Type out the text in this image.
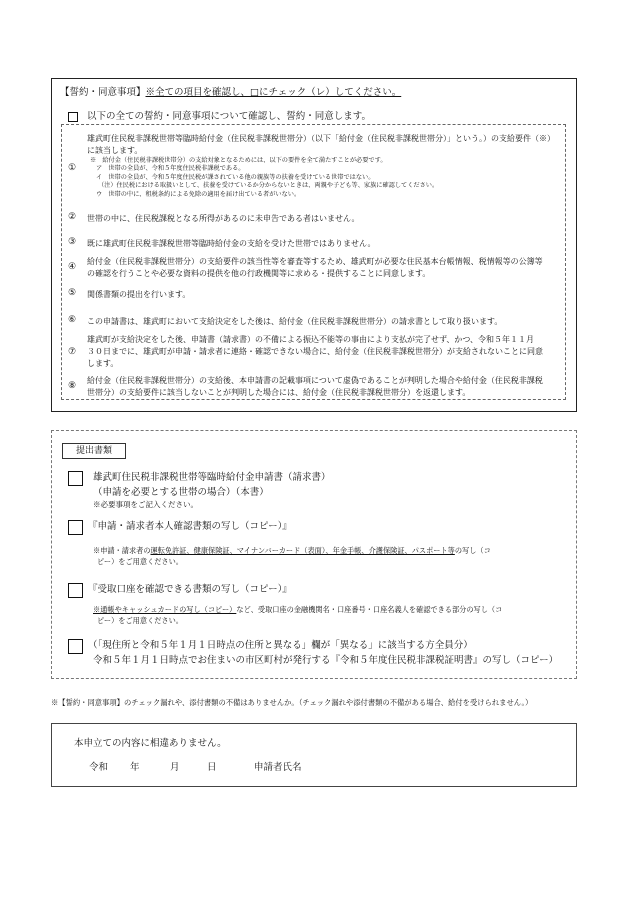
【誓約・同意事項】※全ての項目を確認し、□にチェック（レ）してください。
以下の全ての誓約・同意事項について確認し、誓約・同意します。
①
雄武町住民税非課税世帯等臨時給付金（住民税非課税世帯分）（以下「給付金（住民税非課税世帯分）」という。）の支給要件（※）
に該当します。
※　給付金（住民税非課税世帯分）の支給対象となるためには、以下の要件を全て満たすことが必要です。
ア　世帯の全員が、令和５年度住民税非課税である。
イ　世帯の全員が、令和５年度住民税が課されている他の親族等の扶養を受けている世帯ではない。
（注）住民税における取扱いとして、扶養を受けているか分からないときは、両親や子ども等、家族に確認してください。
ウ　世帯の中に、租税条約による免除の適用を届け出ている者がいない。
② 世帯の中に、住民税課税となる所得があるのに未申告である者はいません。
③ 既に雄武町住民税非課税世帯等臨時給付金の支給を受けた世帯ではありません。
④
給付金（住民税非課税世帯分）の支給要件の該当性等を審査等するため、雄武町が必要な住民基本台帳情報、税情報等の公簿等
の確認を行うことや必要な資料の提供を他の行政機関等に求める・提供することに同意します。
⑤ 関係書類の提出を行います。
⑥ この申請書は、雄武町において支給決定をした後は、給付金（住民税非課税世帯分）の請求書として取り扱います。
⑦
雄武町が支給決定をした後、申請書（請求書）の不備による振込不能等の事由により支払が完了せず、かつ、令和５年１１月
３０日までに、雄武町が申請・請求者に連絡・確認できない場合に、給付金（住民税非課税世帯分）が支給されないことに同意
します。
⑧
給付金（住民税非課税世帯分）の支給後、本申請書の記載事項について虚偽であることが判明した場合や給付金（住民税非課税
世帯分）の支給要件に該当しないことが判明した場合には、給付金（住民税非課税世帯分）を返還します。
提出書類
雄武町住民税非課税世帯等臨時給付金申請書（請求書）
（申請を必要とする世帯の場合）（本書）
※必要事項をご記入ください。
『申請・請求者本人確認書類の写し（コピー）』
※申請・請求者の運転免許証、健康保険証、マイナンバーカード（表面）、年金手帳、介護保険証、パスポート等の写し（コ
ピー）をご用意ください。
『受取口座を確認できる書類の写し（コピー）』
※通帳やキャッシュカードの写し（コピー）など、受取口座の金融機関名・口座番号・口座名義人を確認できる部分の写し（コ
ピー）をご用意ください。
（「現住所と令和５年１月１日時点の住所と異なる」欄が「異なる」に該当する方全員分）
令和５年１月１日時点でお住まいの市区町村が発行する『令和５年度住民税非課税証明書』の写し（コピー）
※【誓約・同意事項】のチェック漏れや、添付書類の不備はありませんか。（チェック漏れや添付書類の不備がある場合、給付を受けられません。）
本申立ての内容に相違ありません。
令和 年	月	日	申請者氏名
